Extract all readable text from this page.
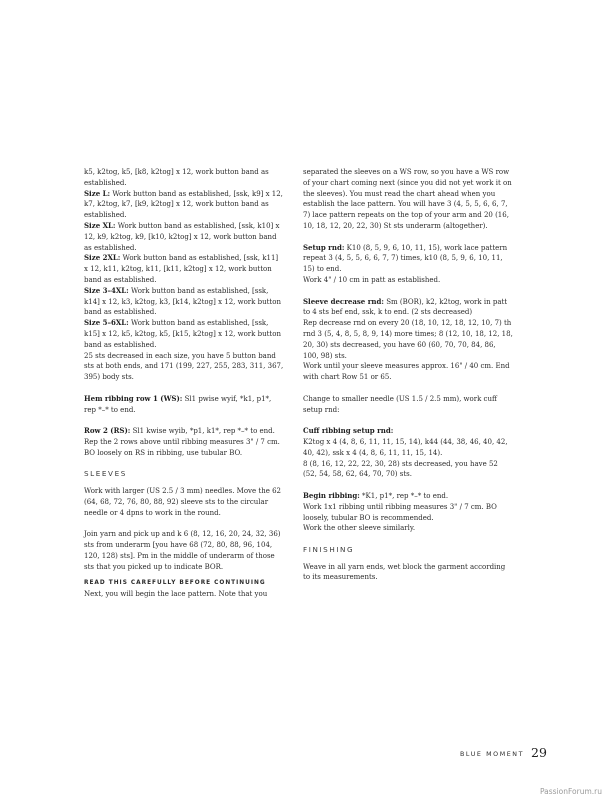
k5, k2tog, k5, [k8, k2tog] x 12, work button band as established.

Size L: Work button band as established, [ssk, k9] x 12, k7, k2tog, k7, [k9, k2tog] x 12, work button band as established.

Size XL: Work button band as established, [ssk, k10] x 12, k9, k2tog, k9, [k10, k2tog] x 12, work button band as established.

Size 2XL: Work button band as established, [ssk, k11] x 12, k11, k2tog, k11, [k11, k2tog] x 12, work button band as established.

Size 3–4XL: Work button band as established, [ssk, k14] x 12, k3, k2tog, k3, [k14, k2tog] x 12, work button band as established.

Size 5–6XL: Work button band as established, [ssk, k15] x 12, k5, k2tog, k5, [k15, k2tog] x 12, work button band as established.

25 sts decreased in each size, you have 5 button band sts at both ends, and 171 (199, 227, 255, 283, 311, 367, 395) body sts.

Hem ribbing row 1 (WS): Sl1 pwise wyif, *k1, p1*, rep *–* to end.

Row 2 (RS): Sl1 kwise wyib, *p1, k1*, rep *–* to end.

Rep the 2 rows above until ribbing measures 3" / 7 cm. BO loosely on RS in ribbing, use tubular BO.

SLEEVES

Work with larger (US 2.5 / 3 mm) needles. Move the 62 (64, 68, 72, 76, 80, 88, 92) sleeve sts to the circular needle or 4 dpns to work in the round.

Join yarn and pick up and k 6 (8, 12, 16, 20, 24, 32, 36) sts from underarm [you have 68 (72, 80, 88, 96, 104, 120, 128) sts]. Pm in the middle of underarm of those sts that you picked up to indicate BOR.

READ THIS CAREFULLY BEFORE CONTINUING

Next, you will begin the lace pattern. Note that you

separated the sleeves on a WS row, so you have a WS row of your chart coming next (since you did not yet work it on the sleeves). You must read the chart ahead when you establish the lace pattern. You will have 3 (4, 5, 5, 6, 6, 7, 7) lace pattern repeats on the top of your arm and 20 (16, 10, 18, 12, 20, 22, 30) St sts underarm (altogether).

Setup rnd: K10 (8, 5, 9, 6, 10, 11, 15), work lace pattern repeat 3 (4, 5, 5, 6, 6, 7, 7) times, k10 (8, 5, 9, 6, 10, 11, 15) to end.

Work 4" / 10 cm in patt as established.

Sleeve decrease rnd: Sm (BOR), k2, k2tog, work in patt to 4 sts bef end, ssk, k to end. (2 sts decreased)

Rep decrease rnd on every 20 (18, 10, 12, 18, 12, 10, 7) th rnd 3 (5, 4, 8, 5, 8, 9, 14) more times; 8 (12, 10, 18, 12, 18, 20, 30) sts decreased, you have 60 (60, 70, 70, 84, 86, 100, 98) sts.

Work until your sleeve measures approx. 16" / 40 cm. End with chart Row 51 or 65.

Change to smaller needle (US 1.5 / 2.5 mm), work cuff setup rnd:

Cuff ribbing setup rnd:

K2tog x 4 (4, 8, 6, 11, 11, 15, 14), k44 (44, 38, 46, 40, 42, 40, 42), ssk x 4 (4, 8, 6, 11, 11, 15, 14).

8 (8, 16, 12, 22, 22, 30, 28) sts decreased, you have 52 (52, 54, 58, 62, 64, 70, 70) sts.

Begin ribbing: *K1, p1*, rep *–* to end.

Work 1x1 ribbing until ribbing measures 3" / 7 cm. BO loosely, tubular BO is recommended.

Work the other sleeve similarly.

FINISHING

Weave in all yarn ends, wet block the garment according to its measurements.

BLUE MOMENT 29
PassionForum.ru
